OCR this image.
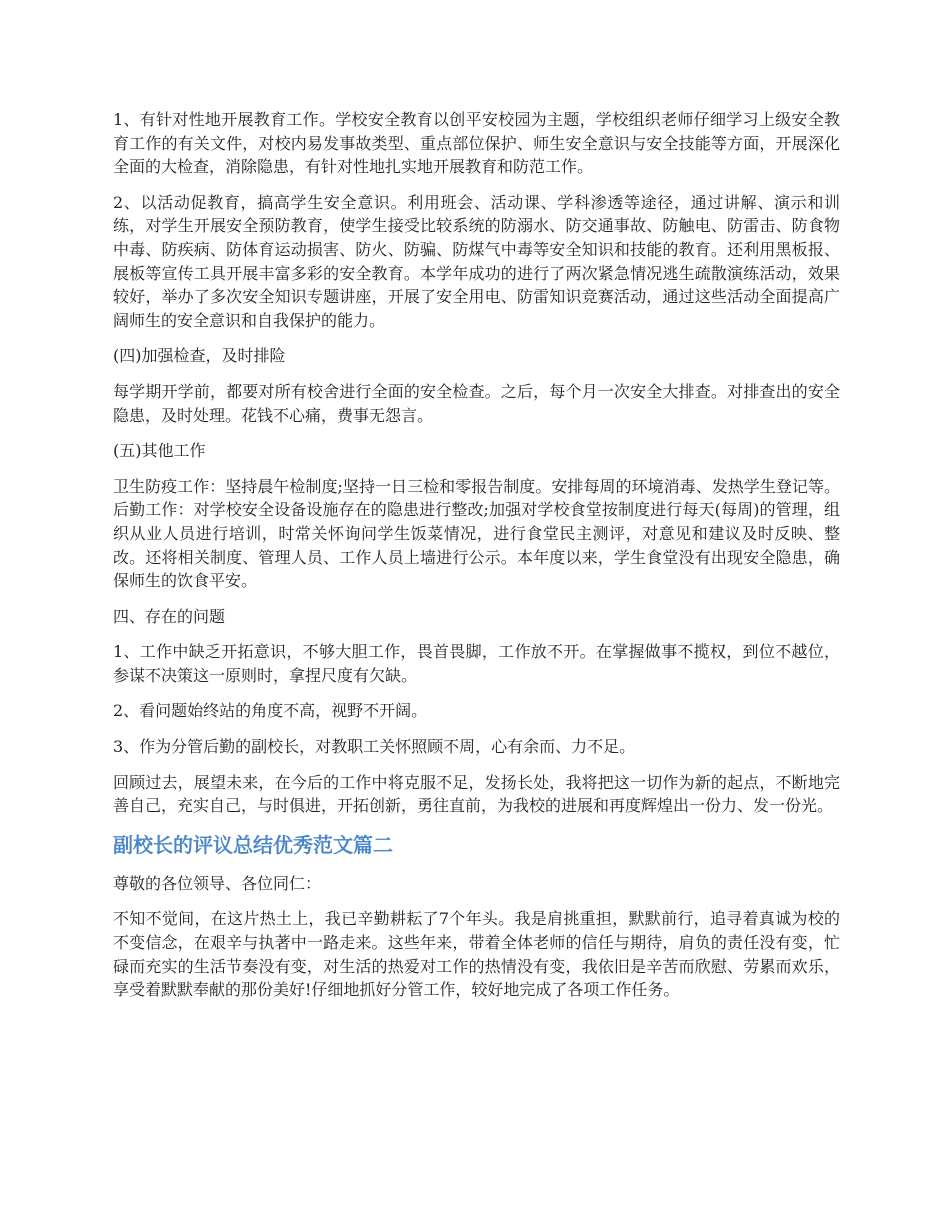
1、有针对性地开展教育工作。学校安全教育以创平安校园为主题，学校组织老师仔细学习上级安全教育工作的有关文件，对校内易发事故类型、重点部位保护、师生安全意识与安全技能等方面，开展深化全面的大检查，消除隐患，有针对性地扎实地开展教育和防范工作。

2、以活动促教育，搞高学生安全意识。利用班会、活动课、学科渗透等途径，通过讲解、演示和训练，对学生开展安全预防教育，使学生接受比较系统的防溺水、防交通事故、防触电、防雷击、防食物中毒、防疾病、防体育运动损害、防火、防骗、防煤气中毒等安全知识和技能的教育。还利用黑板报、展板等宣传工具开展丰富多彩的安全教育。本学年成功的进行了两次紧急情况逃生疏散演练活动，效果较好，举办了多次安全知识专题讲座，开展了安全用电、防雷知识竞赛活动，通过这些活动全面提高广阔师生的安全意识和自我保护的能力。

(四)加强检查，及时排险

每学期开学前，都要对所有校舍进行全面的安全检查。之后，每个月一次安全大排查。对排查出的安全隐患，及时处理。花钱不心痛，费事无怨言。

(五)其他工作

卫生防疫工作：坚持晨午检制度;坚持一日三检和零报告制度。安排每周的环境消毒、发热学生登记等。后勤工作：对学校安全设备设施存在的隐患进行整改;加强对学校食堂按制度进行每天(每周)的管理，组织从业人员进行培训，时常关怀询问学生饭菜情况，进行食堂民主测评，对意见和建议及时反映、整改。还将相关制度、管理人员、工作人员上墙进行公示。本年度以来，学生食堂没有出现安全隐患，确保师生的饮食平安。

四、存在的问题

1、工作中缺乏开拓意识，不够大胆工作，畏首畏脚，工作放不开。在掌握做事不揽权，到位不越位，参谋不决策这一原则时，拿捏尺度有欠缺。

2、看问题始终站的角度不高，视野不开阔。

3、作为分管后勤的副校长，对教职工关怀照顾不周，心有余而、力不足。

回顾过去，展望未来，在今后的工作中将克服不足，发扬长处，我将把这一切作为新的起点，不断地完善自己，充实自己，与时俱进，开拓创新，勇往直前，为我校的进展和再度辉煌出一份力、发一份光。

副校长的评议总结优秀范文篇二

尊敬的各位领导、各位同仁：

不知不觉间，在这片热土上，我已辛勤耕耘了7个年头。我是肩挑重担，默默前行，追寻着真诚为校的不变信念，在艰辛与执著中一路走来。这些年来，带着全体老师的信任与期待，肩负的责任没有变，忙碌而充实的生活节奏没有变，对生活的热爱对工作的热情没有变，我依旧是辛苦而欣慰、劳累而欢乐，享受着默默奉献的那份美好!仔细地抓好分管工作，较好地完成了各项工作任务。
